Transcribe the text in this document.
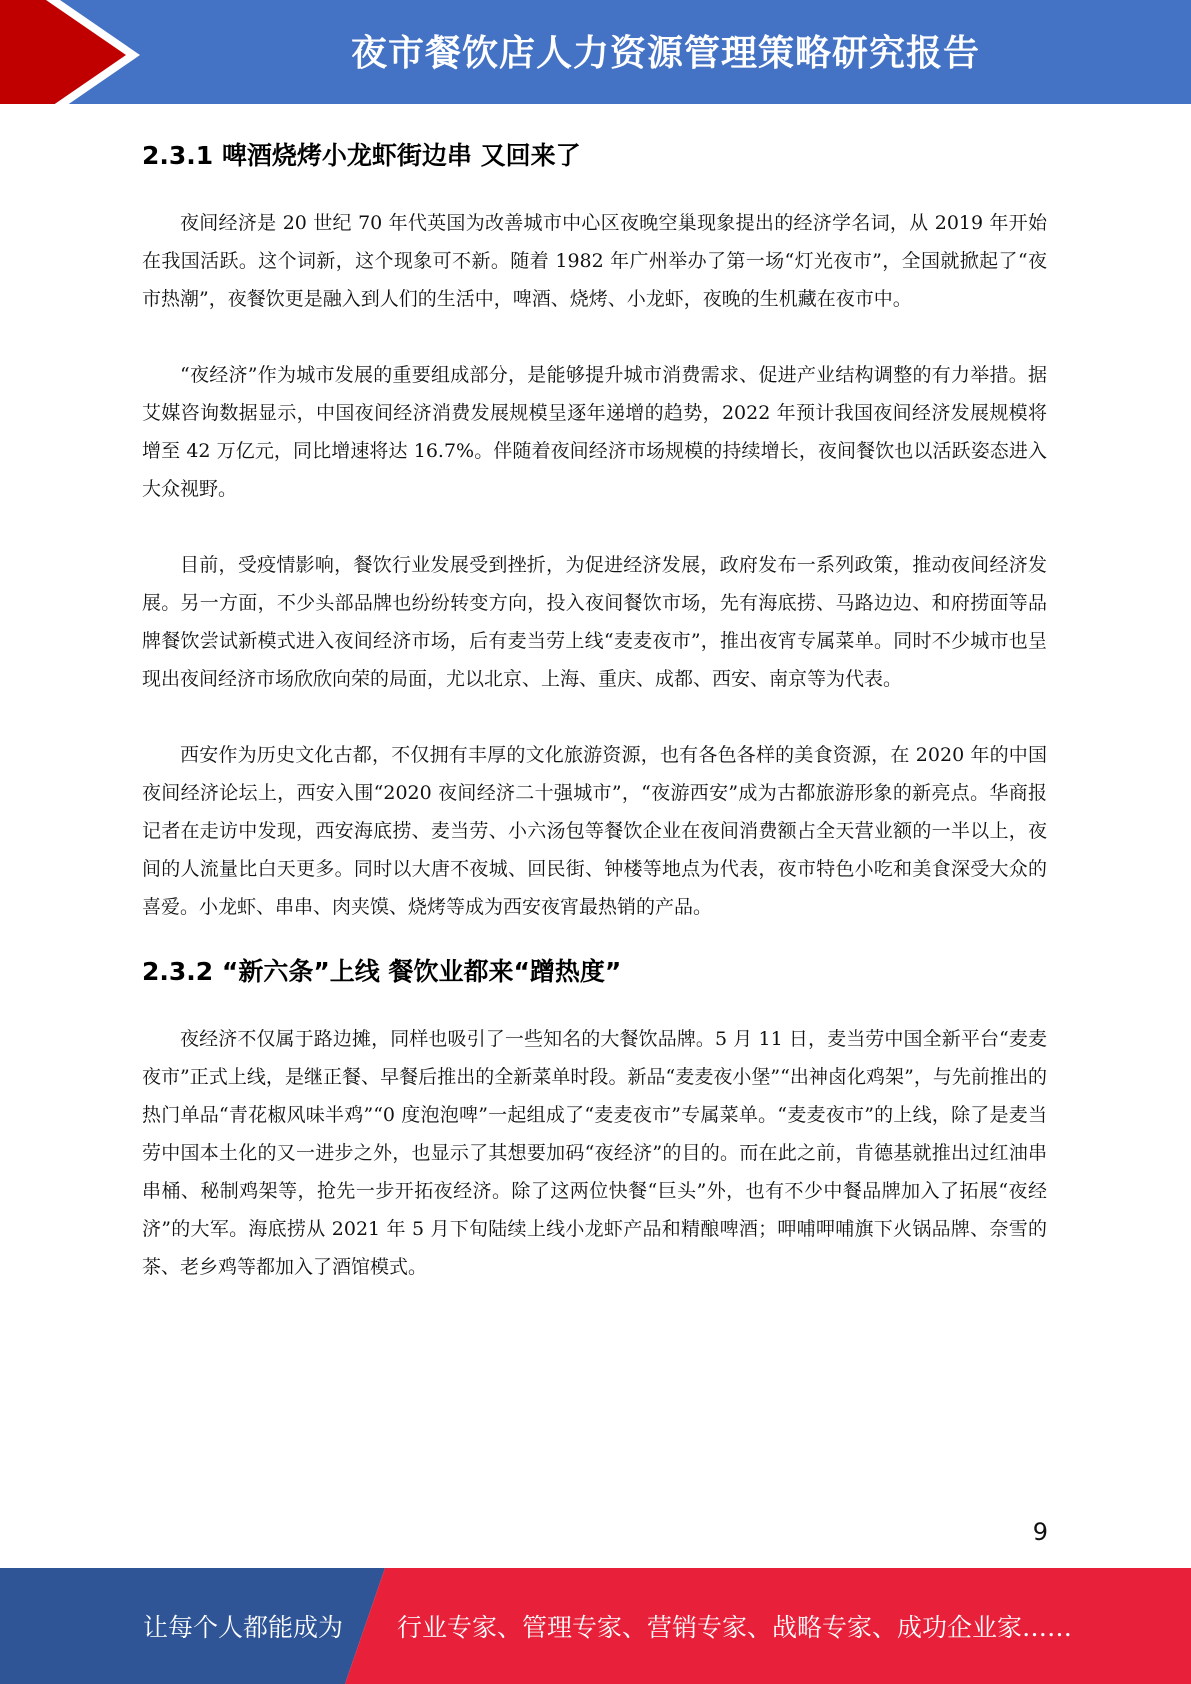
夜市餐饮店人力资源管理策略研究报告
2.3.1 啤酒烧烤小龙虾街边串 又回来了

夜间经济是 20 世纪 70 年代英国为改善城市中心区夜晚空巢现象提出的经济学名词，从 2019 年开始在我国活跃。这个词新，这个现象可不新。随着 1982 年广州举办了第一场“灯光夜市”，全国就掀起了“夜市热潮”，夜餐饮更是融入到人们的生活中，啤酒、烧烤、小龙虾，夜晚的生机藏在夜市中。

“夜经济”作为城市发展的重要组成部分，是能够提升城市消费需求、促进产业结构调整的有力举措。据艾媒咨询数据显示，中国夜间经济消费发展规模呈逐年递增的趋势，2022 年预计我国夜间经济发展规模将增至 42 万亿元，同比增速将达 16.7%。伴随着夜间经济市场规模的持续增长，夜间餐饮也以活跃姿态进入大众视野。

目前，受疫情影响，餐饮行业发展受到挫折，为促进经济发展，政府发布一系列政策，推动夜间经济发展。另一方面，不少头部品牌也纷纷转变方向，投入夜间餐饮市场，先有海底捞、马路边边、和府捞面等品牌餐饮尝试新模式进入夜间经济市场，后有麦当劳上线“麦麦夜市”，推出夜宵专属菜单。同时不少城市也呈现出夜间经济市场欣欣向荣的局面，尤以北京、上海、重庆、成都、西安、南京等为代表。

西安作为历史文化古都，不仅拥有丰厚的文化旅游资源，也有各色各样的美食资源，在 2020 年的中国夜间经济论坛上，西安入围“2020 夜间经济二十强城市”，“夜游西安”成为古都旅游形象的新亮点。华商报记者在走访中发现，西安海底捞、麦当劳、小六汤包等餐饮企业在夜间消费额占全天营业额的一半以上，夜间的人流量比白天更多。同时以大唐不夜城、回民街、钟楼等地点为代表，夜市特色小吃和美食深受大众的喜爱。小龙虾、串串、肉夹馍、烧烤等成为西安夜宵最热销的产品。

2.3.2 “新六条”上线 餐饮业都来“蹭热度”

夜经济不仅属于路边摊，同样也吸引了一些知名的大餐饮品牌。5 月 11 日，麦当劳中国全新平台“麦麦夜市”正式上线，是继正餐、早餐后推出的全新菜单时段。新品“麦麦夜小堡”“出神卤化鸡架”，与先前推出的热门单品“青花椒风味半鸡”“0 度泡泡啤”一起组成了“麦麦夜市”专属菜单。“麦麦夜市”的上线，除了是麦当劳中国本土化的又一进步之外，也显示了其想要加码“夜经济”的目的。而在此之前，肯德基就推出过红油串串桶、秘制鸡架等，抢先一步开拓夜经济。除了这两位快餐“巨头”外，也有不少中餐品牌加入了拓展“夜经济”的大军。海底捞从 2021 年 5 月下旬陆续上线小龙虾产品和精酿啤酒；呷哺呷哺旗下火锅品牌、奈雪的茶、老乡鸡等都加入了酒馆模式。

9
让每个人都能成为 行业专家、管理专家、营销专家、战略专家、成功企业家……
